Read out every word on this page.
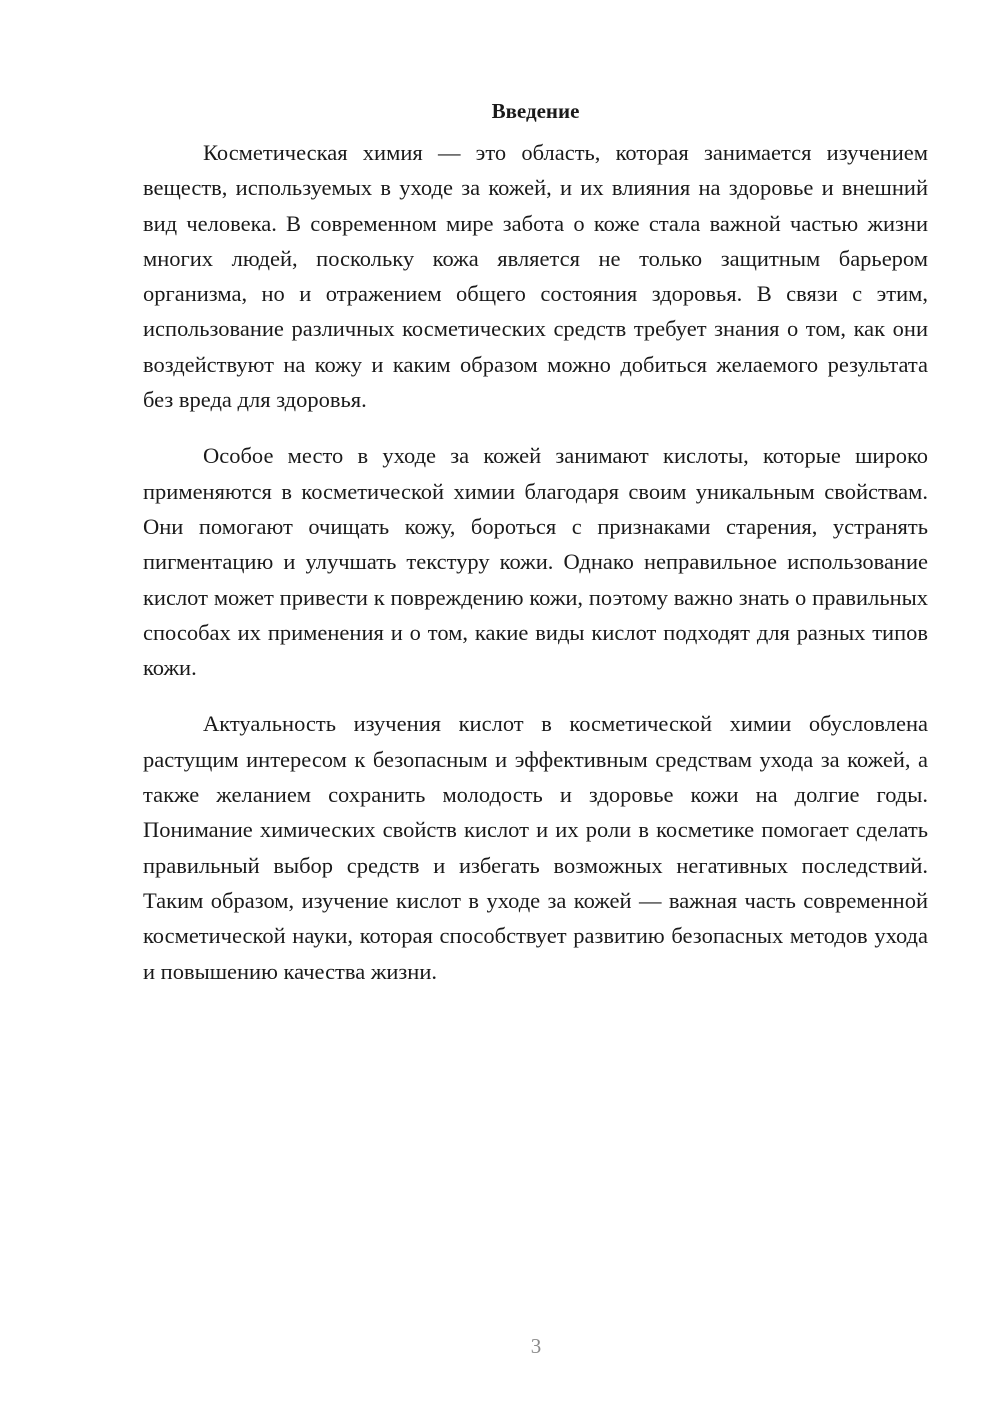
Введение

Косметическая химия — это область, которая занимается изучением веществ, используемых в уходе за кожей, и их влияния на здоровье и внешний вид человека. В современном мире забота о коже стала важной частью жизни многих людей, поскольку кожа является не только защитным барьером организма, но и отражением общего состояния здоровья. В связи с этим, использование различных косметических средств требует знания о том, как они воздействуют на кожу и каким образом можно добиться желаемого результата без вреда для здоровья.

Особое место в уходе за кожей занимают кислоты, которые широко применяются в косметической химии благодаря своим уникальным свойствам. Они помогают очищать кожу, бороться с признаками старения, устранять пигментацию и улучшать текстуру кожи. Однако неправильное использование кислот может привести к повреждению кожи, поэтому важно знать о правильных способах их применения и о том, какие виды кислот подходят для разных типов кожи.

Актуальность изучения кислот в косметической химии обусловлена растущим интересом к безопасным и эффективным средствам ухода за кожей, а также желанием сохранить молодость и здоровье кожи на долгие годы. Понимание химических свойств кислот и их роли в косметике помогает сделать правильный выбор средств и избегать возможных негативных последствий. Таким образом, изучение кислот в уходе за кожей — важная часть современной косметической науки, которая способствует развитию безопасных методов ухода и повышению качества жизни.

3
